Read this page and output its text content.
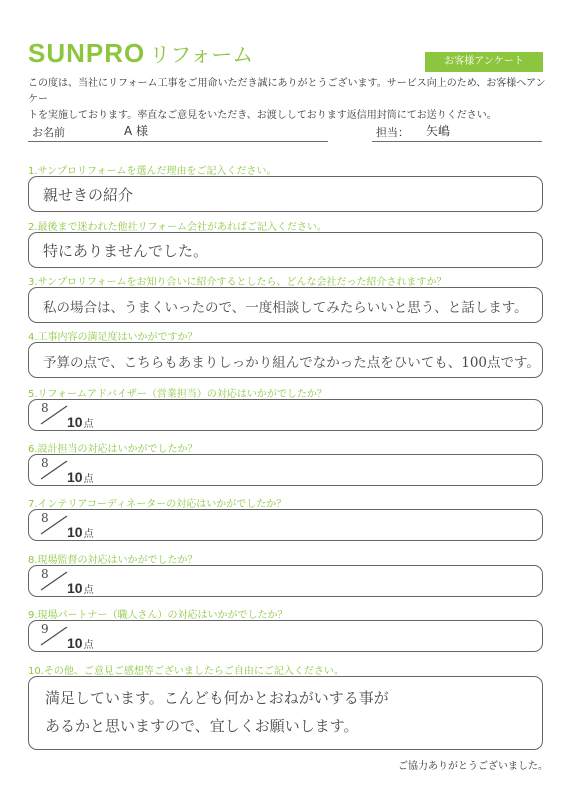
SUNPRO リフォーム	お客様アンケート
この度は、当社にリフォーム工事をご用命いただき誠にありがとうございます。サービス向上のため、お客様へアンケー
トを実施しております。率直なご意見をいただき、お渡ししております返信用封筒にてお送りください。
お名前	A 様	担当： 矢嶋
1.サンプロリフォームを選んだ理由をご記入ください。
親せきの紹介
2.最後まで迷われた他社リフォーム会社があればご記入ください。
特にありませんでした。
3.サンプロリフォームをお知り合いに紹介するとしたら、どんな会社だった紹介されますか？
私の場合は、うまくいったので、一度相談してみたらいいと思う、と話します。
4.工事内容の満足度はいかがですか？
予算の点で、こちらもあまりしっかり組んでなかった点をひいても、100点です。
5.リフォームアドバイザー（営業担当）の対応はいかがでしたか？
8
10点
6.設計担当の対応はいかがでしたか？
8
10点
7.インテリアコーディネーターの対応はいかがでしたか？
8
10点
8.現場監督の対応はいかがでしたか？
8
10点
9.現場パートナー（職人さん）の対応はいかがでしたか？
9
10点
10.その他、ご意見ご感想等ございましたらご自由にご記入ください。
満足しています。こんども何かとおねがいする事が
あるかと思いますので、宜しくお願いします。
ご協力ありがとうございました。
